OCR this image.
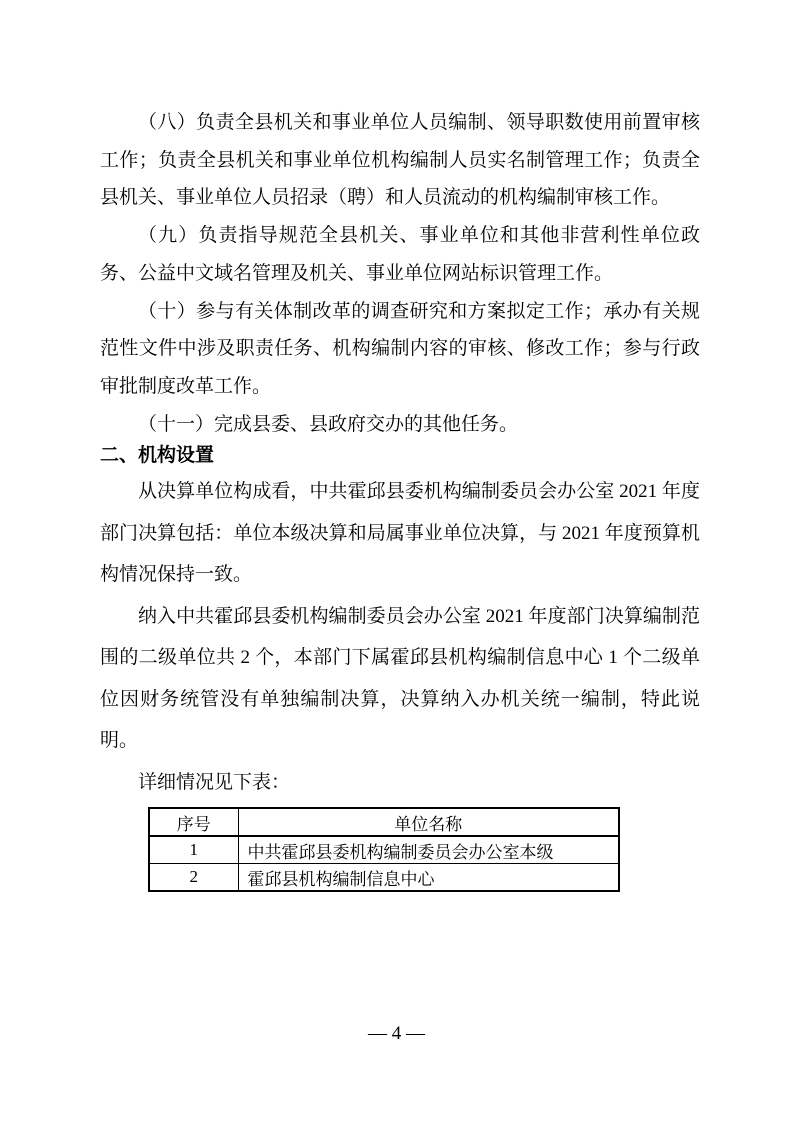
（八）负责全县机关和事业单位人员编制、领导职数使用前置审核工作；负责全县机关和事业单位机构编制人员实名制管理工作；负责全县机关、事业单位人员招录（聘）和人员流动的机构编制审核工作。

（九）负责指导规范全县机关、事业单位和其他非营利性单位政务、公益中文域名管理及机关、事业单位网站标识管理工作。

（十）参与有关体制改革的调查研究和方案拟定工作；承办有关规范性文件中涉及职责任务、机构编制内容的审核、修改工作；参与行政审批制度改革工作。

（十一）完成县委、县政府交办的其他任务。

二、机构设置

从决算单位构成看，中共霍邱县委机构编制委员会办公室 2021 年度部门决算包括：单位本级决算和局属事业单位决算，与 2021 年度预算机构情况保持一致。

纳入中共霍邱县委机构编制委员会办公室 2021 年度部门决算编制范围的二级单位共 2 个，本部门下属霍邱县机构编制信息中心 1 个二级单位因财务统管没有单独编制决算，决算纳入办机关统一编制，特此说明。

详细情况见下表：

序号	单位名称
1	中共霍邱县委机构编制委员会办公室本级
2	霍邱县机构编制信息中心
— 4 —
